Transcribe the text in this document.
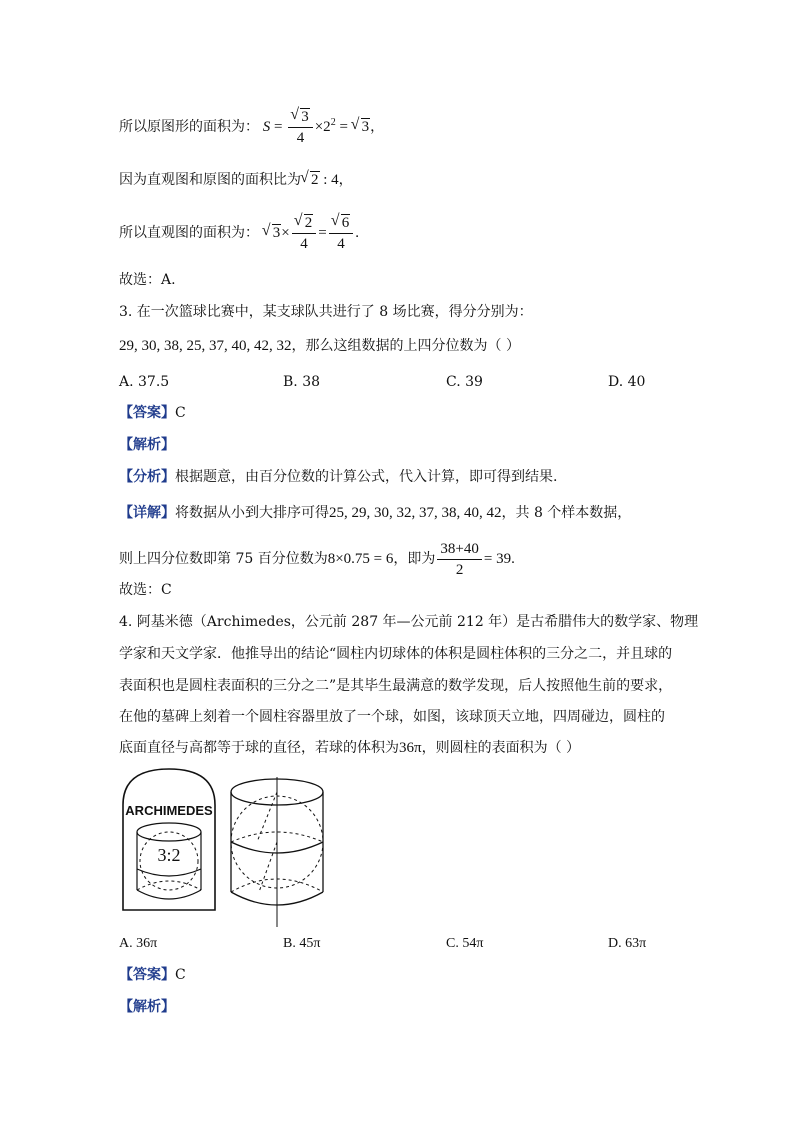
所以原图形的面积为： S = √ $\frac{3}{4} \times 2^2$ = √ 3，
因为直观图和原图的面积比为 √ 2 : 4，
所以直观图的面积为： √ 3× √ $\frac{2}{4}$ = √ $\frac{6}{4}$ .
故选：A.
3. 在一次篮球比赛中，某支球队共进行了 8 场比赛，得分分别为：
29, 30, 38, 25, 37, 40, 42, 32，那么这组数据的上四分位数为（ ）
A. 37.5	B. 38	C. 39	D. 40
【答案】C
【解析】
【分析】根据题意，由百分位数的计算公式，代入计算，即可得到结果.
【详解】将数据从小到大排序可得25, 29, 30, 32, 37, 38, 40, 42，共 8 个样本数据，
则上四分位数即第 75 百分位数为8×0.75 = 6，即为 $\frac{38+40}{2} = 39$.
故选：C
4. 阿基米德（Archimedes，公元前 287 年—公元前 212 年）是古希腊伟大的数学家、物理
学家和天文学家．他推导出的结论“圆柱内切球体的体积是圆柱体积的三分之二，并且球的
表面积也是圆柱表面积的三分之二”是其毕生最满意的数学发现，后人按照他生前的要求，
在他的墓碑上刻着一个圆柱容器里放了一个球，如图，该球顶天立地，四周碰边，圆柱的
底面直径与高都等于球的直径，若球的体积为36π，则圆柱的表面积为（ ）
ARCHIMEDES
3:2
A. 36π	B. 45π	C. 54π	D. 63π
【答案】C
【解析】
